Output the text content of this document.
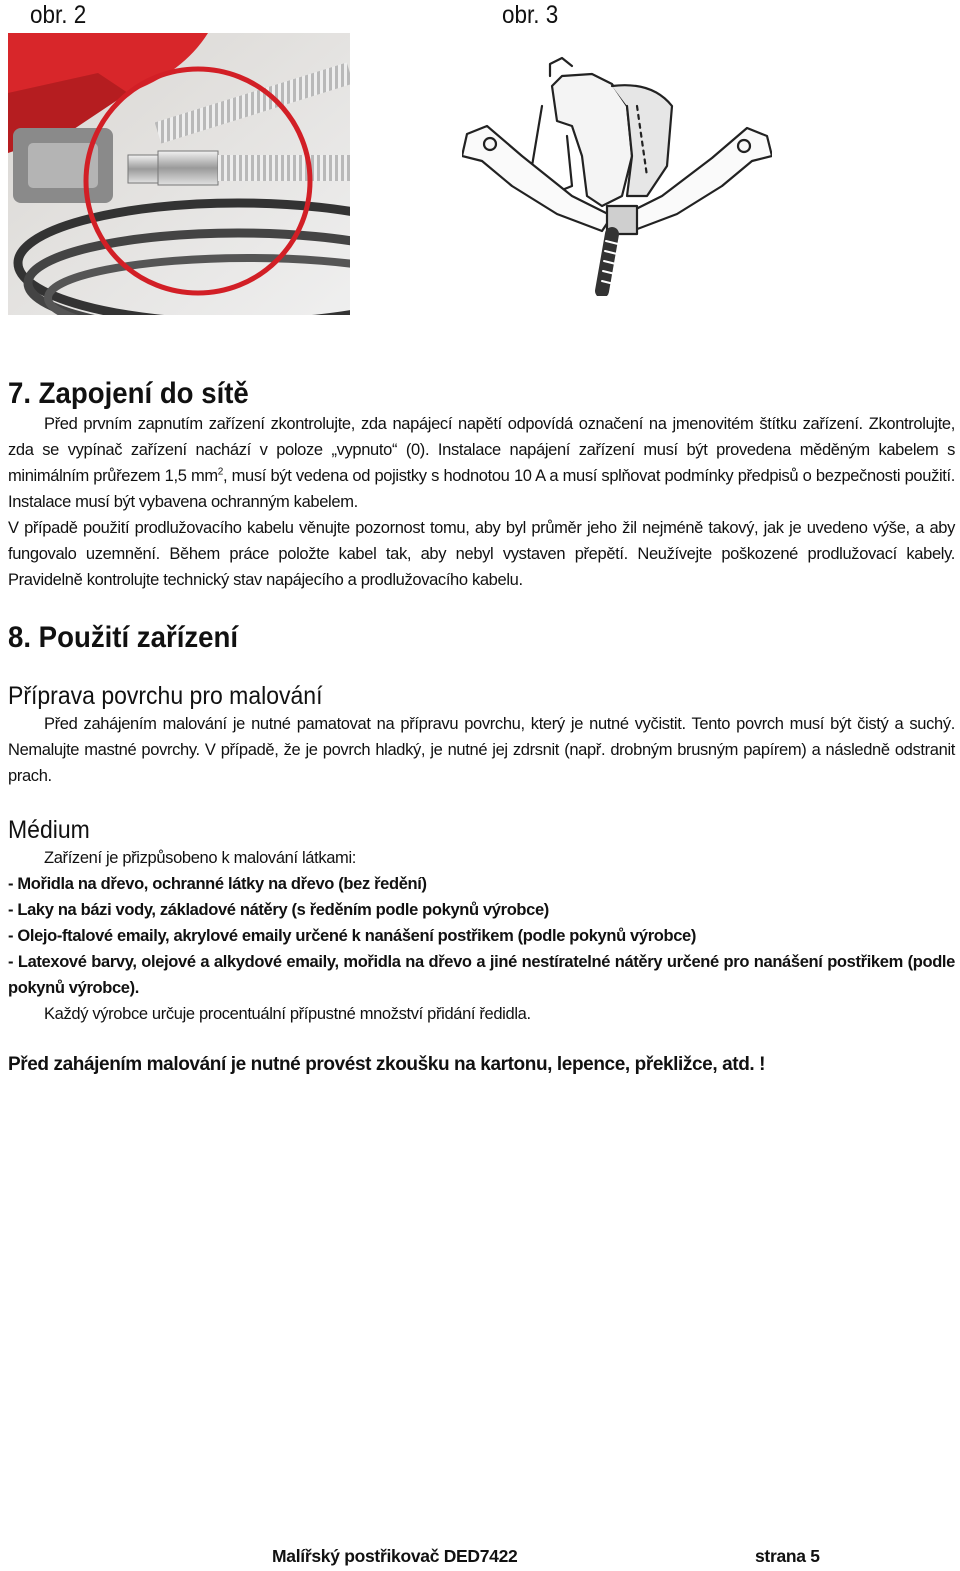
obr. 2	obr. 3
7. Zapojení do sítě

Před prvním zapnutím zařízení zkontrolujte, zda napájecí napětí odpovídá označení na jmenovitém štítku zařízení. Zkontrolujte, zda se vypínač zařízení nachází v poloze „vypnuto“ (0). Instalace napájení zařízení musí být provedena měděným kabelem s minimálním průřezem 1,5 $mm^2$, musí být vedena od pojistky s hodnotou 10 A a musí splňovat podmínky předpisů o bezpečnosti použití. Instalace musí být vybavena ochranným kabelem.

V případě použití prodlužovacího kabelu věnujte pozornost tomu, aby byl průměr jeho žil nejméně takový, jak je uvedeno výše, a aby fungovalo uzemnění. Během práce položte kabel tak, aby nebyl vystaven přepětí. Neužívejte poškozené prodlužovací kabely. Pravidelně kontrolujte technický stav napájecího a prodlužovacího kabelu.

8. Použití zařízení
Příprava povrchu pro malování

Před zahájením malování je nutné pamatovat na přípravu povrchu, který je nutné vyčistit. Tento povrch musí být čistý a suchý. Nemalujte mastné povrchy. V případě, že je povrch hladký, je nutné jej zdrsnit (např. drobným brusným papírem) a následně odstranit prach.

Médium

Zařízení je přizpůsobeno k malování látkami:

- Mořidla na dřevo, ochranné látky na dřevo (bez ředění)

- Laky na bázi vody, základové nátěry (s ředěním podle pokynů výrobce)

- Olejo-ftalové emaily, akrylové emaily určené k nanášení postřikem (podle pokynů výrobce)

- Latexové barvy, olejové a alkydové emaily, mořidla na dřevo a jiné nestíratelné nátěry určené pro nanášení postřikem (podle pokynů výrobce).

Každý výrobce určuje procentuální přípustné množství přidání ředidla.

Před zahájením malování je nutné provést zkoušku na kartonu, lepence, překližce, atd. !
Malířský postřikovač DED7422	strana 5
